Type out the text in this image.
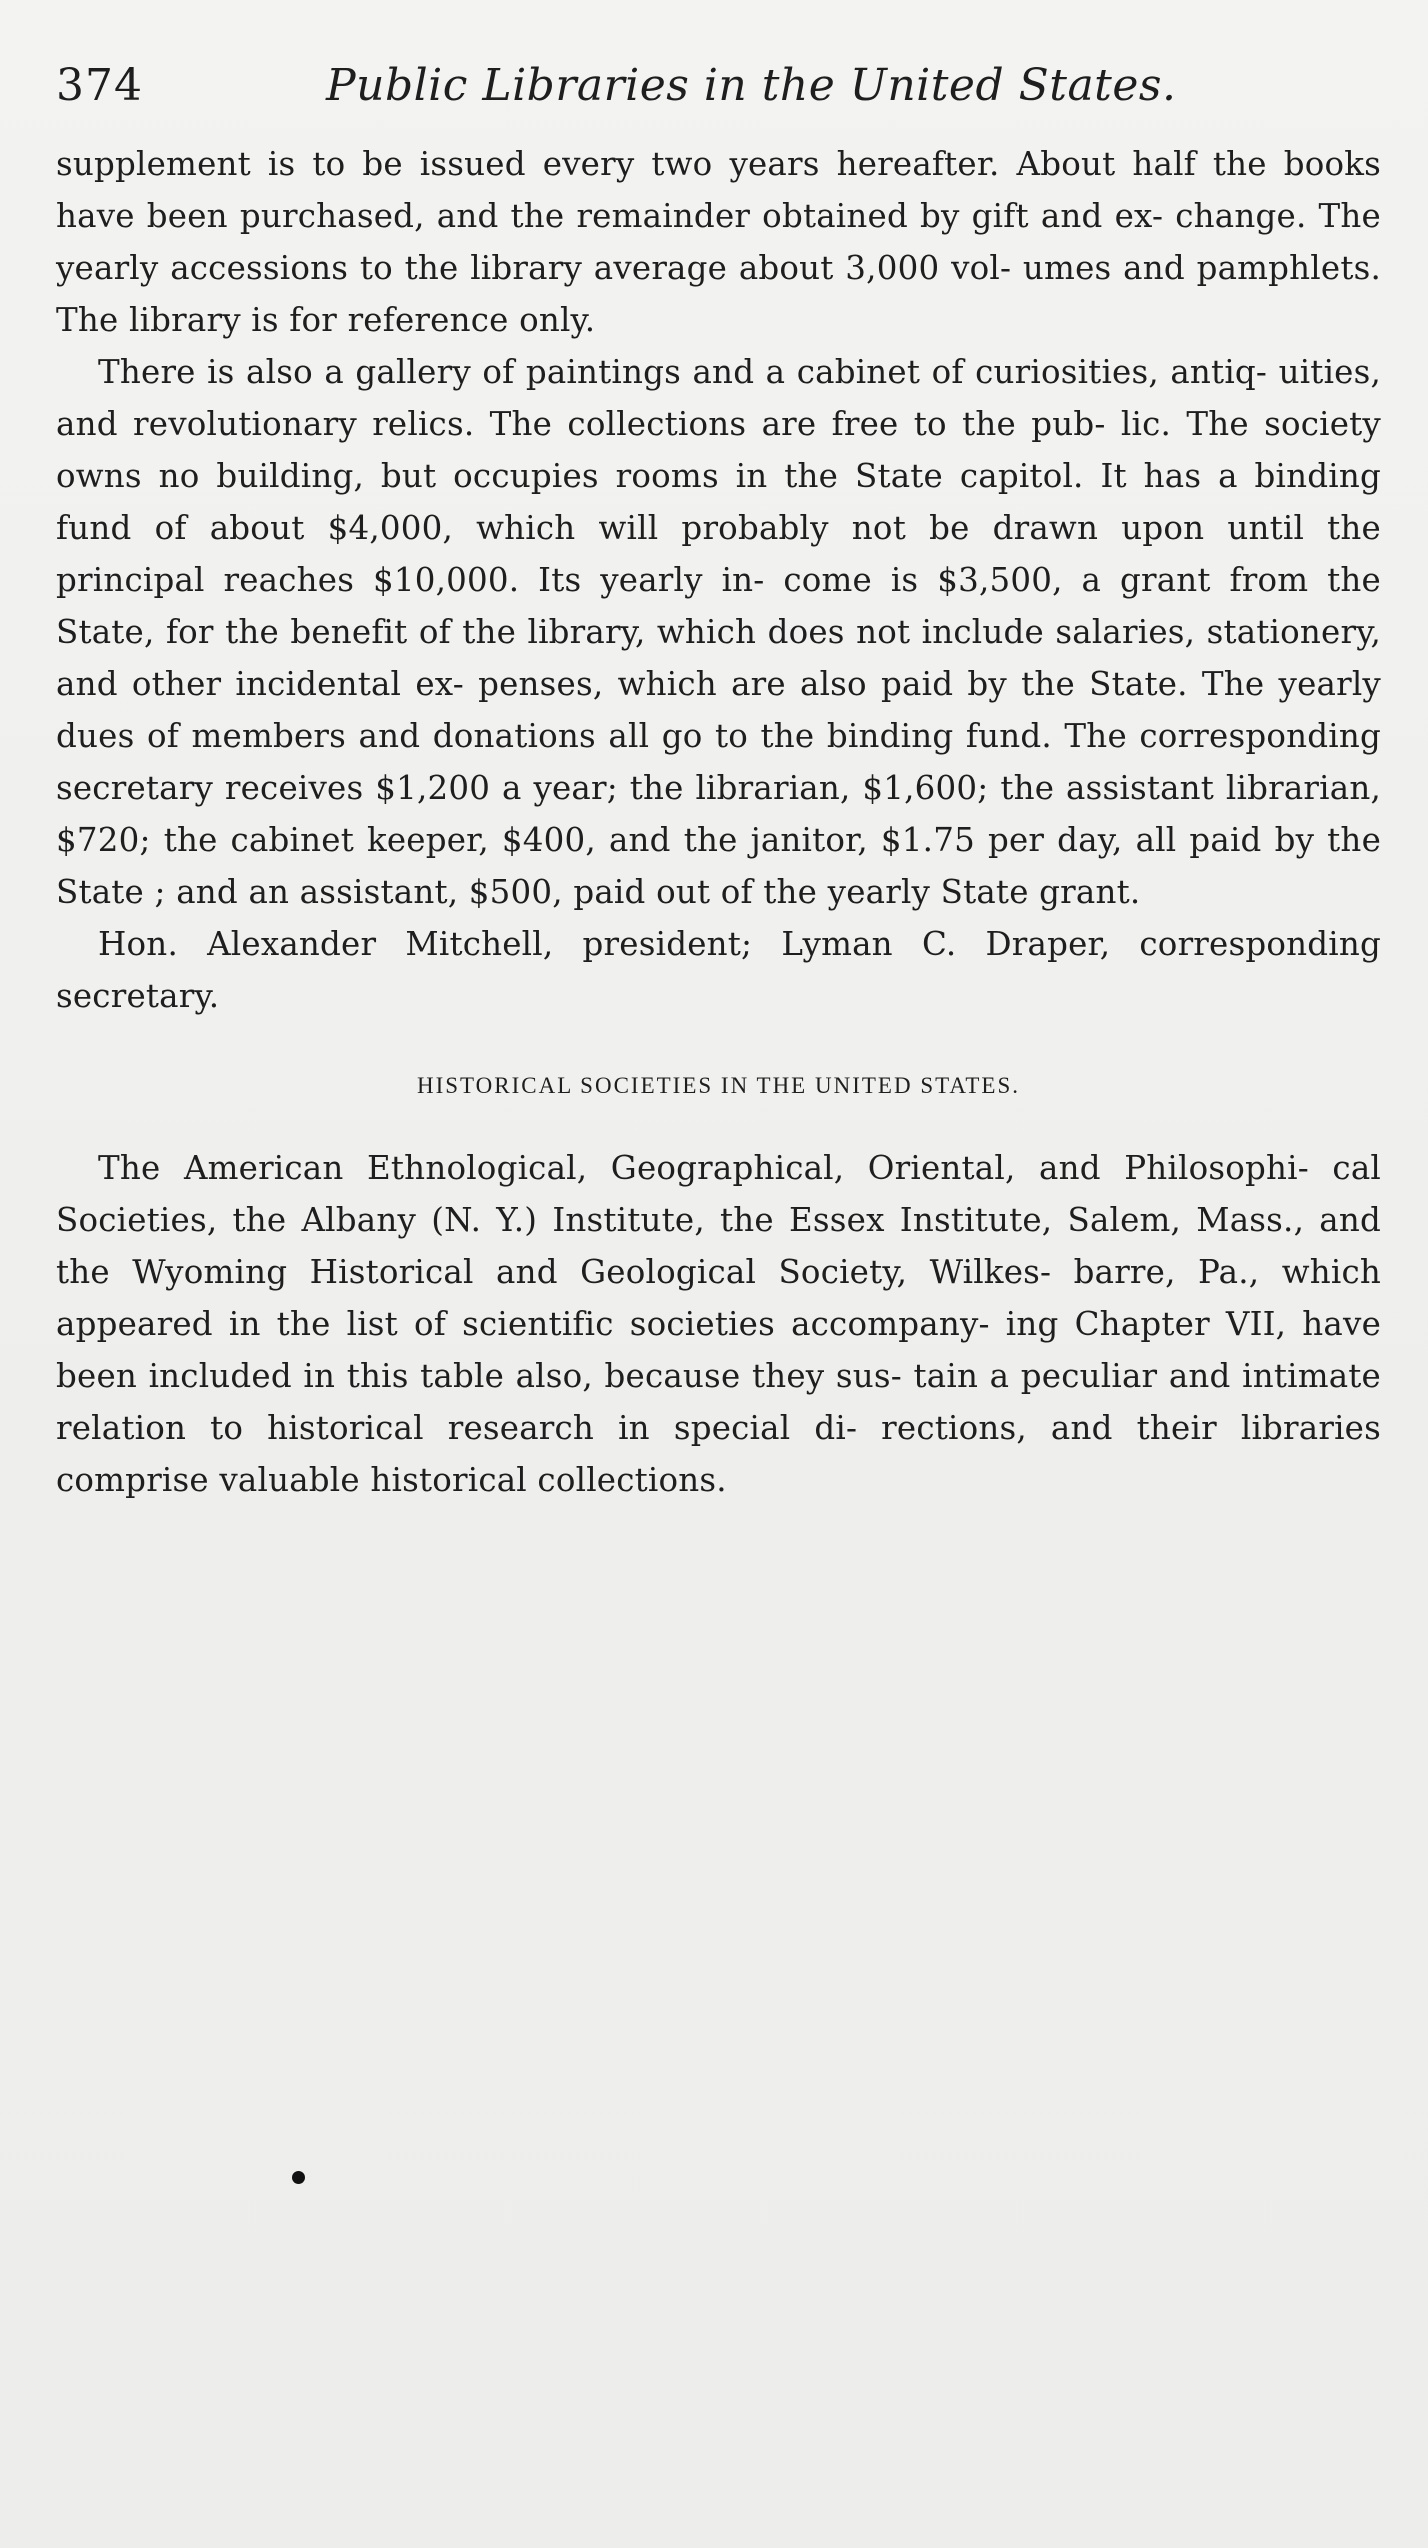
374	Public Libraries in the United States.

supplement is to be issued every two years hereafter. About half the books have been purchased, and the remainder obtained by gift and ex- change. The yearly accessions to the library average about 3,000 vol- umes and pamphlets. The library is for reference only.

There is also a gallery of paintings and a cabinet of curiosities, antiq- uities, and revolutionary relics. The collections are free to the pub- lic. The society owns no building, but occupies rooms in the State capitol. It has a binding fund of about $4,000, which will probably not be drawn upon until the principal reaches $10,000. Its yearly in- come is $3,500, a grant from the State, for the benefit of the library, which does not include salaries, stationery, and other incidental ex- penses, which are also paid by the State. The yearly dues of members and donations all go to the binding fund. The corresponding secretary receives $1,200 a year; the librarian, $1,600; the assistant librarian, $720; the cabinet keeper, $400, and the janitor, $1.75 per day, all paid by the State ; and an assistant, $500, paid out of the yearly State grant.

Hon. Alexander Mitchell, president; Lyman C. Draper, corresponding secretary.

HISTORICAL SOCIETIES IN THE UNITED STATES.

The American Ethnological, Geographical, Oriental, and Philosophi- cal Societies, the Albany (N. Y.) Institute, the Essex Institute, Salem, Mass., and the Wyoming Historical and Geological Society, Wilkes- barre, Pa., which appeared in the list of scientific societies accompany- ing Chapter VII, have been included in this table also, because they sus- tain a peculiar and intimate relation to historical research in special di- rections, and their libraries comprise valuable historical collections.
